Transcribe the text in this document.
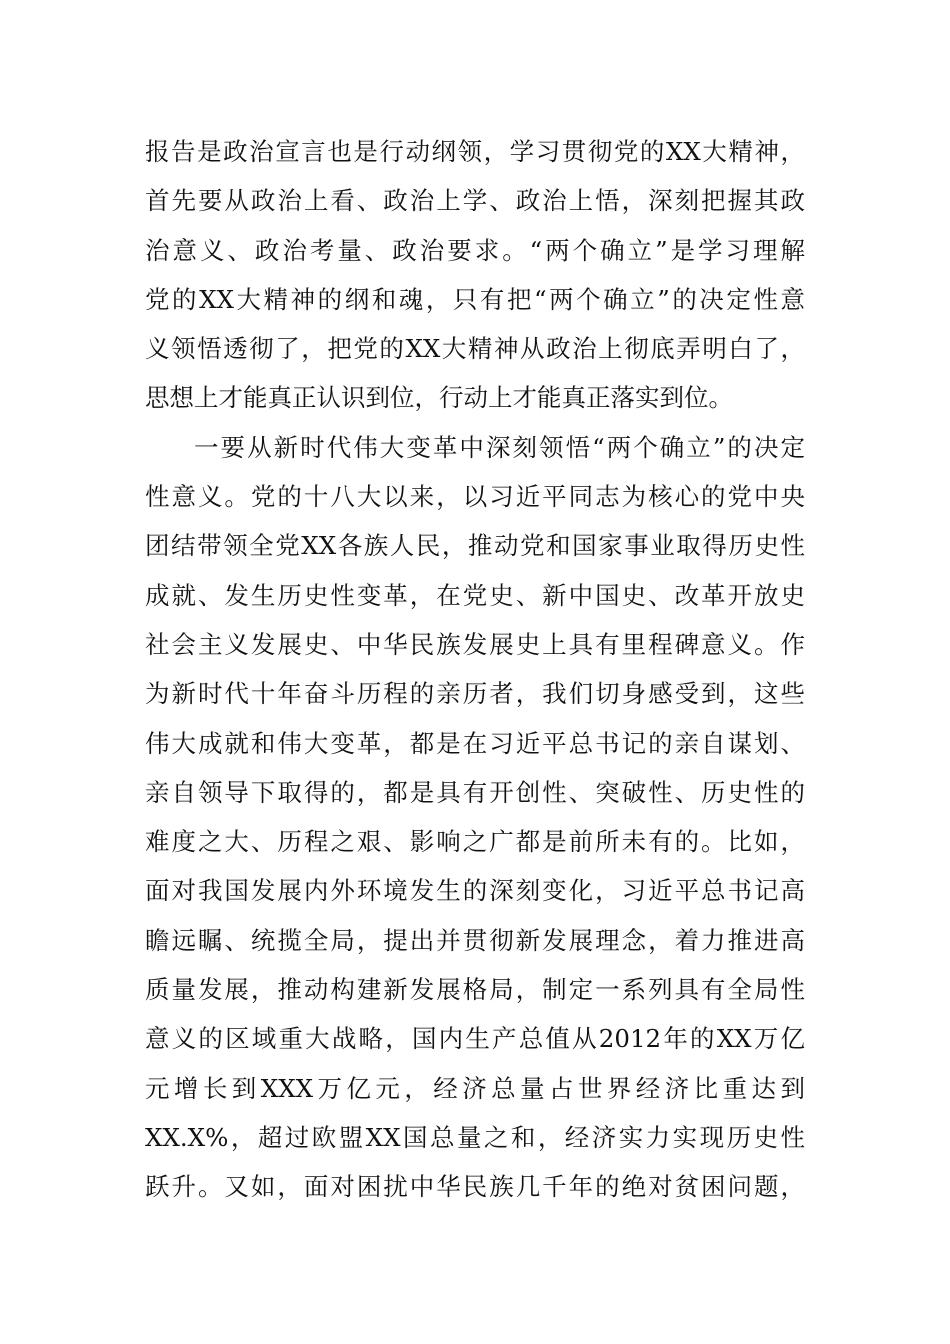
报告是政治宣言也是行动纲领，学习贯彻党的XX大精神，
首先要从政治上看、政治上学、政治上悟，深刻把握其政
治意义、政治考量、政治要求。“两个确立”是学习理解
党的XX大精神的纲和魂，只有把“两个确立”的决定性意
义领悟透彻了，把党的XX大精神从政治上彻底弄明白了，
思想上才能真正认识到位，行动上才能真正落实到位。
一要从新时代伟大变革中深刻领悟“两个确立”的决定
性意义。党的十八大以来，以习近平同志为核心的党中央
团结带领全党XX各族人民，推动党和国家事业取得历史性
成就、发生历史性变革，在党史、新中国史、改革开放史
社会主义发展史、中华民族发展史上具有里程碑意义。作
为新时代十年奋斗历程的亲历者，我们切身感受到，这些
伟大成就和伟大变革，都是在习近平总书记的亲自谋划、
亲自领导下取得的，都是具有开创性、突破性、历史性的
难度之大、历程之艰、影响之广都是前所未有的。比如，
面对我国发展内外环境发生的深刻变化，习近平总书记高
瞻远瞩、统揽全局，提出并贯彻新发展理念，着力推进高
质量发展，推动构建新发展格局，制定一系列具有全局性
意义的区域重大战略，国内生产总值从2012年的XX万亿
元增长到XXX万亿元，经济总量占世界经济比重达到
XX.X%，超过欧盟XX国总量之和，经济实力实现历史性
跃升。又如，面对困扰中华民族几千年的绝对贫困问题，
